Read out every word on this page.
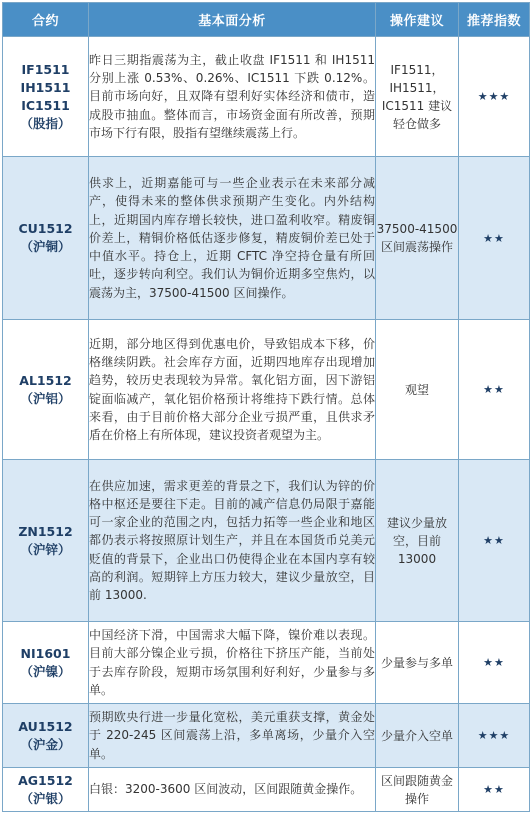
合约	基本面分析	操作建议	推荐指数

IF1511
IH1511
IC1511
（股指）	昨日三期指震荡为主，截止收盘 IF1511 和 IH1511 分别上涨 0.53%、0.26%、IC1511 下跌 0.12%。目前市场向好，且双降有望利好实体经济和债市，造成股市抽血。整体而言，市场资金面有所改善，预期市场下行有限，股指有望继续震荡上行。	IF1511，IH1511，IC1511 建议轻仓做多	★★★

CU1512
（沪铜）	供求上，近期嘉能可与一些企业表示在未来部分减产，使得未来的整体供求预期产生变化。内外结构上，近期国内库存增长较快，进口盈利收窄。精废铜价差上，精铜价格低估逐步修复，精废铜价差已处于中值水平。持仓上，近期 CFTC 净空持仓量有所回吐，逐步转向利空。我们认为铜价近期多空焦灼，以震荡为主，37500-41500 区间操作。	37500-41500区间震荡操作	★★

AL1512
（沪铝）	近期，部分地区得到优惠电价，导致铝成本下移，价格继续阴跌。社会库存方面，近期四地库存出现增加趋势，较历史表现较为异常。氧化铝方面，因下游铝锭面临减产，氧化铝价格预计将维持下跌行情。总体来看，由于目前价格大部分企业亏损严重，且供求矛盾在价格上有所体现，建议投资者观望为主。	观望	★★

ZN1512
（沪锌）	在供应加速，需求更差的背景之下，我们认为锌的价格中枢还是要往下走。目前的减产信息仍局限于嘉能可一家企业的范围之内，包括力拓等一些企业和地区都仍表示将按照原计划生产，并且在本国货币兑美元贬值的背景下，企业出口仍使得企业在本国内享有较高的利润。短期锌上方压力较大，建议少量放空，目前 13000.	建议少量放空，目前13000	★★

NI1601
（沪镍）	中国经济下滑，中国需求大幅下降，镍价难以表现。目前大部分镍企业亏损，价格往下挤压产能，当前处于去库存阶段，短期市场氛围利好利好，少量参与多单。	少量参与多单	★★

AU1512
（沪金）	预期欧央行进一步量化宽松，美元重获支撑，黄金处于 220-245 区间震荡上沿，多单离场，少量介入空单。	少量介入空单	★★★

AG1512
（沪银）	白银：3200-3600 区间波动，区间跟随黄金操作。	区间跟随黄金操作	★★
